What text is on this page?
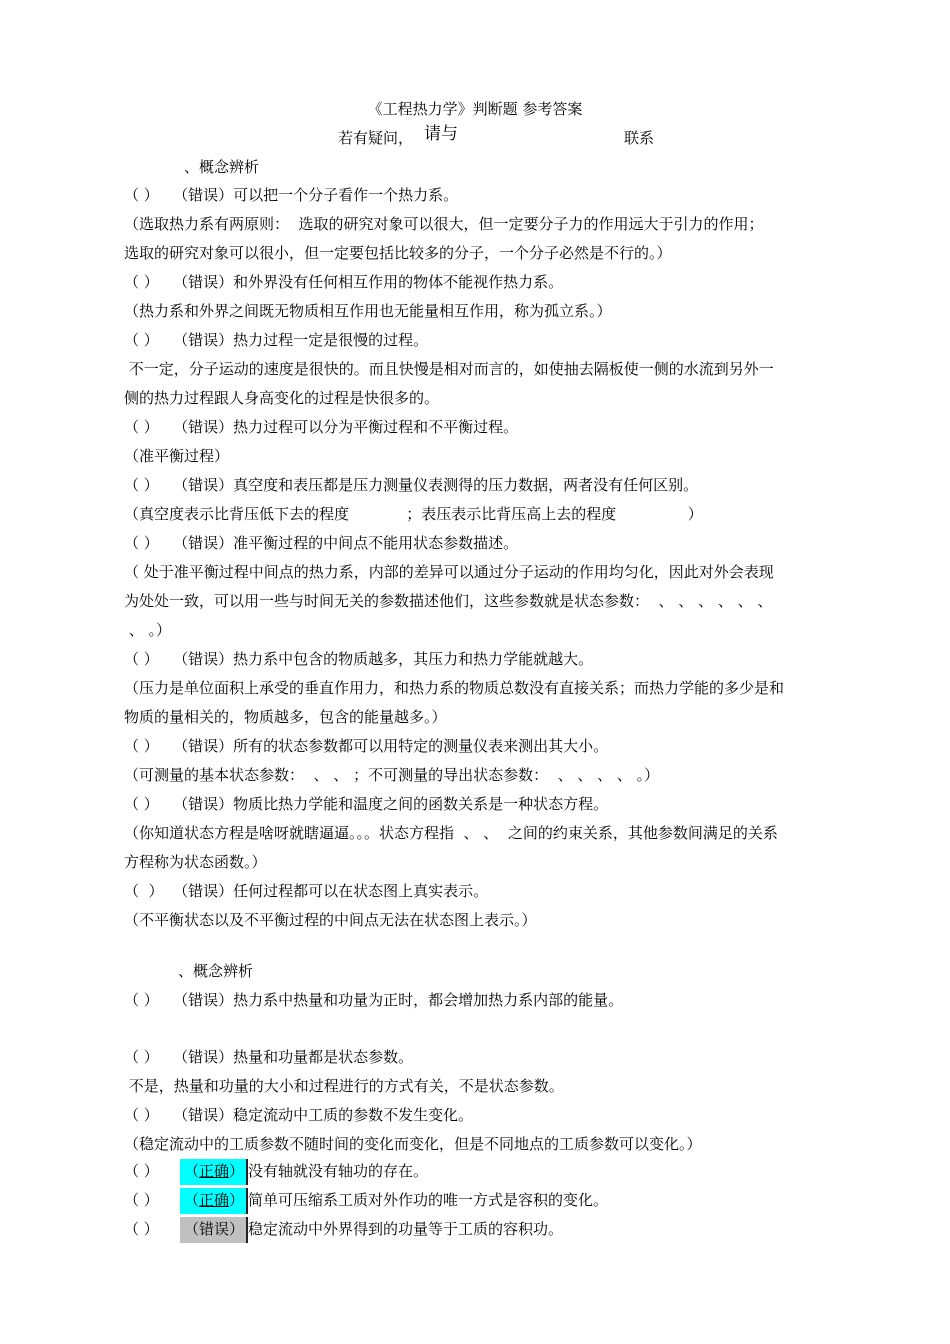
《工程热力学》判断题 参考答案
若有疑问， 请与	联系
、概念辨析
（ ）   （错误）可以把一个分子看作一个热力系。
（选取热力系有两原则：  选取的研究对象可以很大，但一定要分子力的作用远大于引力的作用；
选取的研究对象可以很小，但一定要包括比较多的分子，一个分子必然是不行的。）
（ ）   （错误）和外界没有任何相互作用的物体不能视作热力系。
（热力系和外界之间既无物质相互作用也无能量相互作用，称为孤立系。）
（ ）   （错误）热力过程一定是很慢的过程。
不一定，分子运动的速度是很快的。而且快慢是相对而言的，如使抽去隔板使一侧的水流到另外一
侧的热力过程跟人身高变化的过程是快很多的。
（ ）   （错误）热力过程可以分为平衡过程和不平衡过程。
（准平衡过程）
（ ）   （错误）真空度和表压都是压力测量仪表测得的压力数据，两者没有任何区别。
（真空度表示比背压低下去的程度            ；表压表示比背压高上去的程度               ）
（ ）   （错误）准平衡过程的中间点不能用状态参数描述。
（ 处于准平衡过程中间点的热力系，内部的差异可以通过分子运动的作用均匀化，因此对外会表现
为处处一致，可以用一些与时间无关的参数描述他们，这些参数就是状态参数：  、 、 、 、 、 、
、 。）
（ ）   （错误）热力系中包含的物质越多，其压力和热力学能就越大。
（压力是单位面积上承受的垂直作用力，和热力系的物质总数没有直接关系；而热力学能的多少是和
物质的量相关的，物质越多，包含的能量越多。）
（ ）   （错误）所有的状态参数都可以用特定的测量仪表来测出其大小。
（可测量的基本状态参数：  、 、 ；不可测量的导出状态参数：  、 、 、 、 。）
（ ）   （错误）物质比热力学能和温度之间的函数关系是一种状态方程。
（你知道状态方程是啥呀就瞎逼逼。。。状态方程指  、 、  之间的约束关系，其他参数间满足的关系
方程称为状态函数。）
（  ）  （错误）任何过程都可以在状态图上真实表示。
（不平衡状态以及不平衡过程的中间点无法在状态图上表示。）
、概念辨析
（ ）   （错误）热力系中热量和功量为正时，都会增加热力系内部的能量。
（ ）   （错误）热量和功量都是状态参数。
不是，热量和功量的大小和过程进行的方式有关，不是状态参数。
（ ）   （错误）稳定流动中工质的参数不发生变化。
（稳定流动中的工质参数不随时间的变化而变化，但是不同地点的工质参数可以变化。）
（ ） （正确） 没有轴就没有轴功的存在。
（ ） （正确） 简单可压缩系工质对外作功的唯一方式是容积的变化。
（ ） （错误） 稳定流动中外界得到的功量等于工质的容积功。
